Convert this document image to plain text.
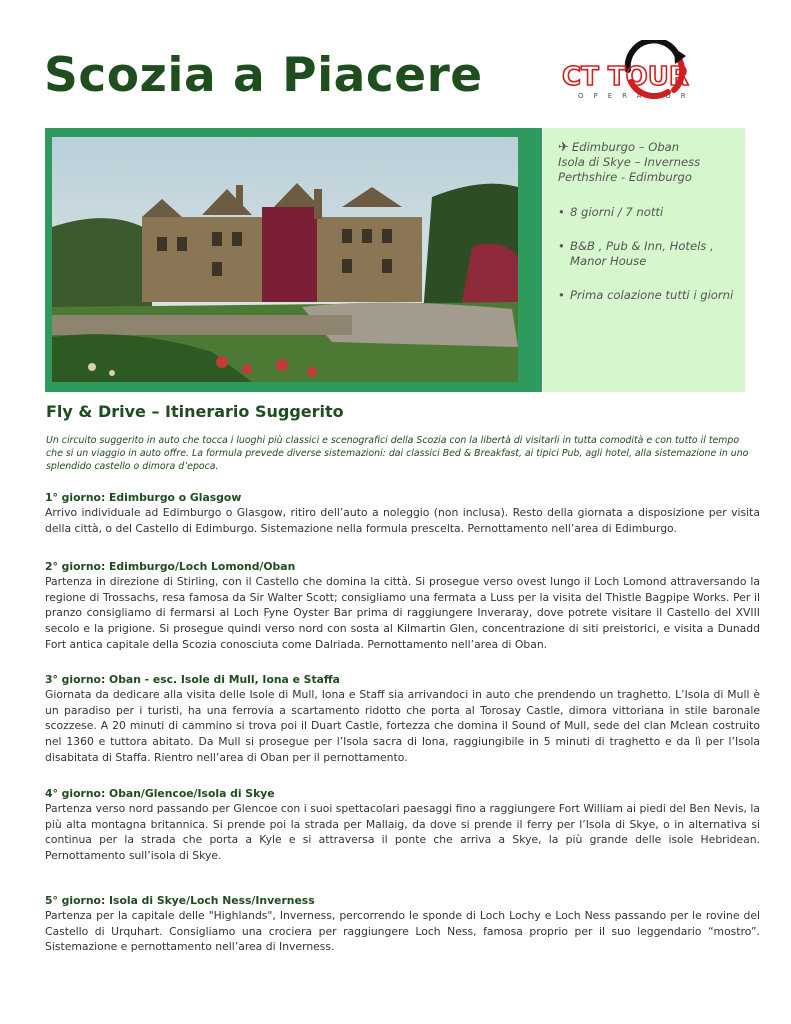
Scozia a Piacere	CT TOUR
OPERATOR
✈ Edimburgo – Oban
Isola di Skye – Inverness
Perthshire - Edimburgo
• 8 giorni / 7 notti
• B&B , Pub & Inn, Hotels , Manor House
• Prima colazione tutti i giorni
Fly & Drive – Itinerario Suggerito

Un circuito suggerito in auto che tocca i luoghi più classici e scenografici della Scozia con la libertà di visitarli in tutta comodità e con tutto il tempo che si un viaggio in auto offre. La formula prevede diverse sistemazioni: dai classici Bed & Breakfast, ai tipici Pub, agli hotel, alla sistemazione in uno splendido castello o dimora d’epoca.

1° giorno: Edimburgo o Glasgow

Arrivo individuale ad Edimburgo o Glasgow, ritiro dell’auto a noleggio (non inclusa). Resto della giornata a disposizione per visita della città, o del Castello di Edimburgo. Sistemazione nella formula prescelta. Pernottamento nell’area di Edimburgo.

2° giorno: Edimburgo/Loch Lomond/Oban

Partenza in direzione di Stirling, con il Castello che domina la città. Si prosegue verso ovest lungo il Loch Lomond attraversando la regione di Trossachs, resa famosa da Sir Walter Scott; consigliamo una fermata a Luss per la visita del Thistle Bagpipe Works. Per il pranzo consigliamo di fermarsi al Loch Fyne Oyster Bar prima di raggiungere Inveraray, dove potrete visitare il Castello del XVIII secolo e la prigione. Si prosegue quindi verso nord con sosta al Kilmartin Glen, concentrazione di siti preistorici, e visita a Dunadd Fort antica capitale della Scozia conosciuta come Dalriada. Pernottamento nell’area di Oban.

3° giorno: Oban - esc. Isole di Mull, Iona e Staffa

Giornata da dedicare alla visita delle Isole di Mull, Iona e Staff sia arrivandoci in auto che prendendo un traghetto. L’Isola di Mull è un paradiso per i turisti, ha una ferrovia a scartamento ridotto che porta al Torosay Castle, dimora vittoriana in stile baronale scozzese. A 20 minuti di cammino si trova poi il Duart Castle, fortezza che domina il Sound of Mull, sede del clan Mclean costruito nel 1360 e tuttora abitato. Da Mull si prosegue per l’Isola sacra di Iona, raggiungibile in 5 minuti di traghetto e da lì per l’Isola disabitata di Staffa. Rientro nell’area di Oban per il pernottamento.

4° giorno: Oban/Glencoe/Isola di Skye

Partenza verso nord passando per Glencoe con i suoi spettacolari paesaggi fino a raggiungere Fort William ai piedi del Ben Nevis, la più alta montagna britannica. Si prende poi la strada per Mallaig, da dove si prende il ferry per l’Isola di Skye, o in alternativa si continua per la strada che porta a Kyle e si attraversa il ponte che arriva a Skye, la più grande delle isole Hebridean. Pernottamento sull’isola di Skye.

5° giorno: Isola di Skye/Loch Ness/Inverness

Partenza per la capitale delle "Highlands", Inverness, percorrendo le sponde di Loch Lochy e Loch Ness passando per le rovine del Castello di Urquhart. Consigliamo una crociera per raggiungere Loch Ness, famosa proprio per il suo leggendario “mostro”. Sistemazione e pernottamento nell’area di Inverness.
